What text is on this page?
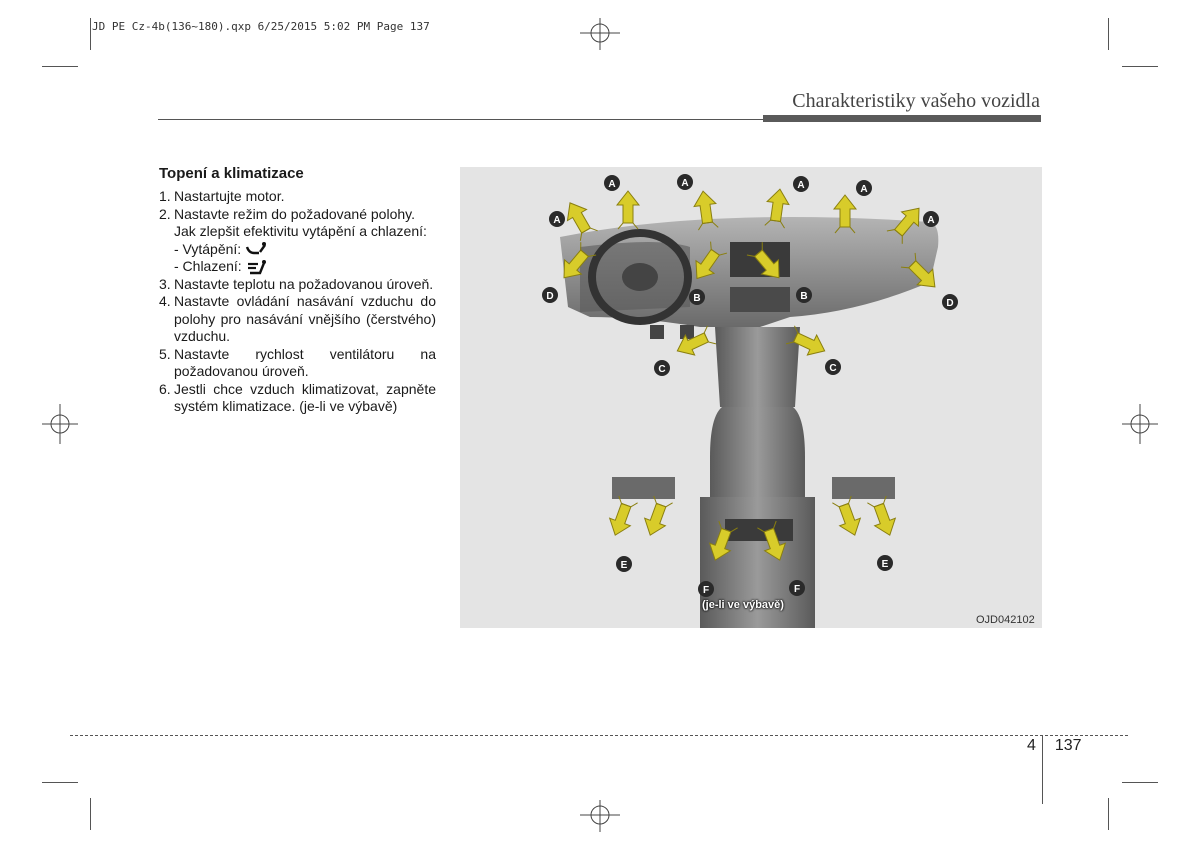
JD PE Cz-4b(136~180).qxp 6/25/2015 5:02 PM Page 137
Charakteristiky vašeho vozidla
Topení a klimatizace
1. Nastartujte motor.
2. Nastavte režim do požadované polohy.
Jak zlepšit efektivitu vytápění a chlazení:
- Vytápění:
- Chlazení:
3. Nastavte teplotu na požadovanou úroveň.
4. Nastavte ovládání nasávání vzduchu do polohy pro nasávání vnějšího (čerstvého) vzduchu.
5. Nastavte rychlost ventilátoru na požadovanou úroveň.
6. Jestli chce vzduch klimatizovat, zapněte systém klimatizace. (je-li ve výbavě)
A
A	A	A	A
A
B	B
C	C
D
D
E	E
F	F
(je-li ve výbavě)
OJD042102
4 137
